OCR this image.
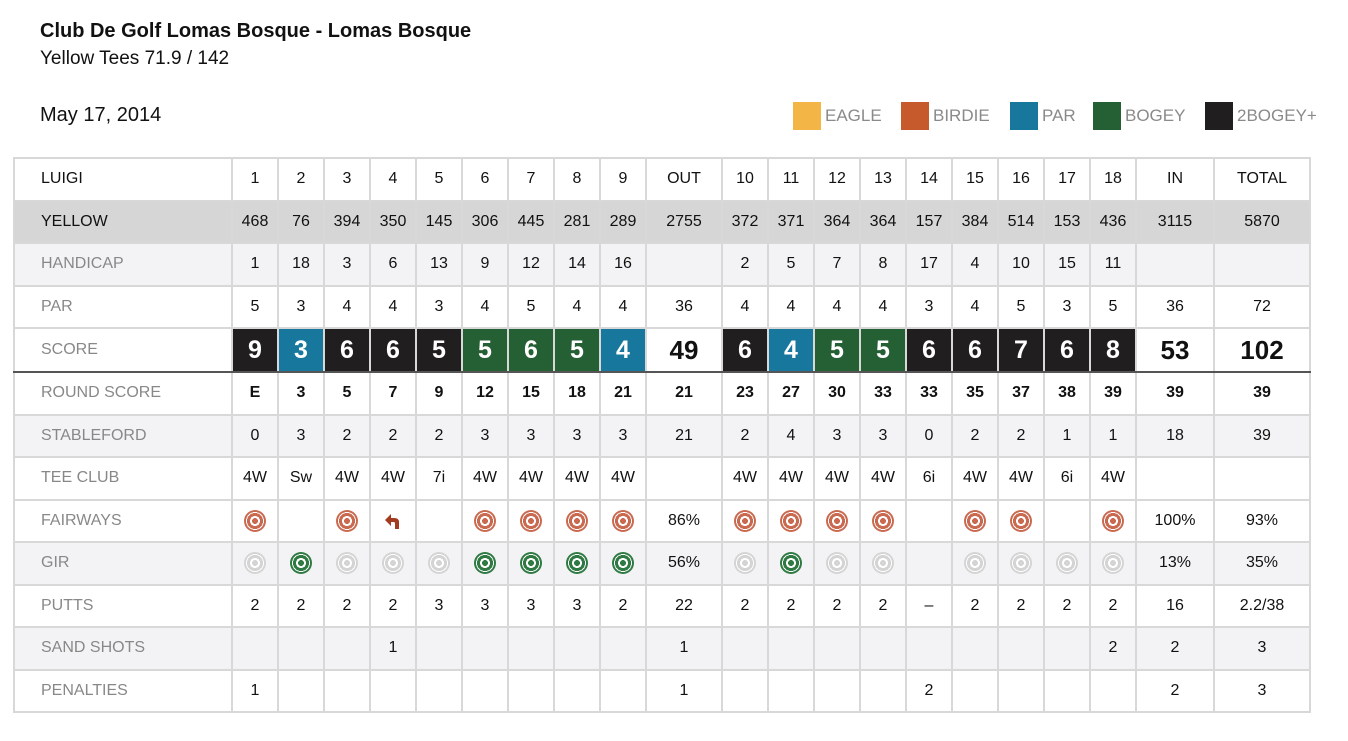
Club De Golf Lomas Bosque - Lomas Bosque
Yellow Tees 71.9 / 142
May 17, 2014	EAGLE	BIRDIE	PAR	BOGEY	2BOGEY+
LUIGI	1	2	3	4	5	6	7	8	9	OUT	10	11	12	13	14	15	16	17	18	IN	TOTAL
YELLOW	468	76	394	350	145	306	445	281	289	2755	372	371	364	364	157	384	514	153	436	3115	5870
HANDICAP	1	18	3	6	13	9	12	14	16		2	5	7	8	17	4	10	15	11		
PAR	5	3	4	4	3	4	5	4	4	36	4	4	4	4	3	4	5	3	5	36	72
SCORE	9	3	6	6	5	5	6	5	4	49	6	4	5	5	6	6	7	6	8	53	102
ROUND SCORE	E	3	5	7	9	12	15	18	21	21	23	27	30	33	33	35	37	38	39	39	39
STABLEFORD	0	3	2	2	2	3	3	3	3	21	2	4	3	3	0	2	2	1	1	18	39
TEE CLUB	4W	Sw	4W	4W	7i	4W	4W	4W	4W		4W	4W	4W	4W	6i	4W	4W	6i	4W		
FAIRWAYS										86%										100%	93%
GIR										56%										13%	35%
PUTTS	2	2	2	2	3	3	3	3	2	22	2	2	2	2	–	2	2	2	2	16	2.2/38
SAND SHOTS				1						1									2	2	3
PENALTIES	1									1					2					2	3
